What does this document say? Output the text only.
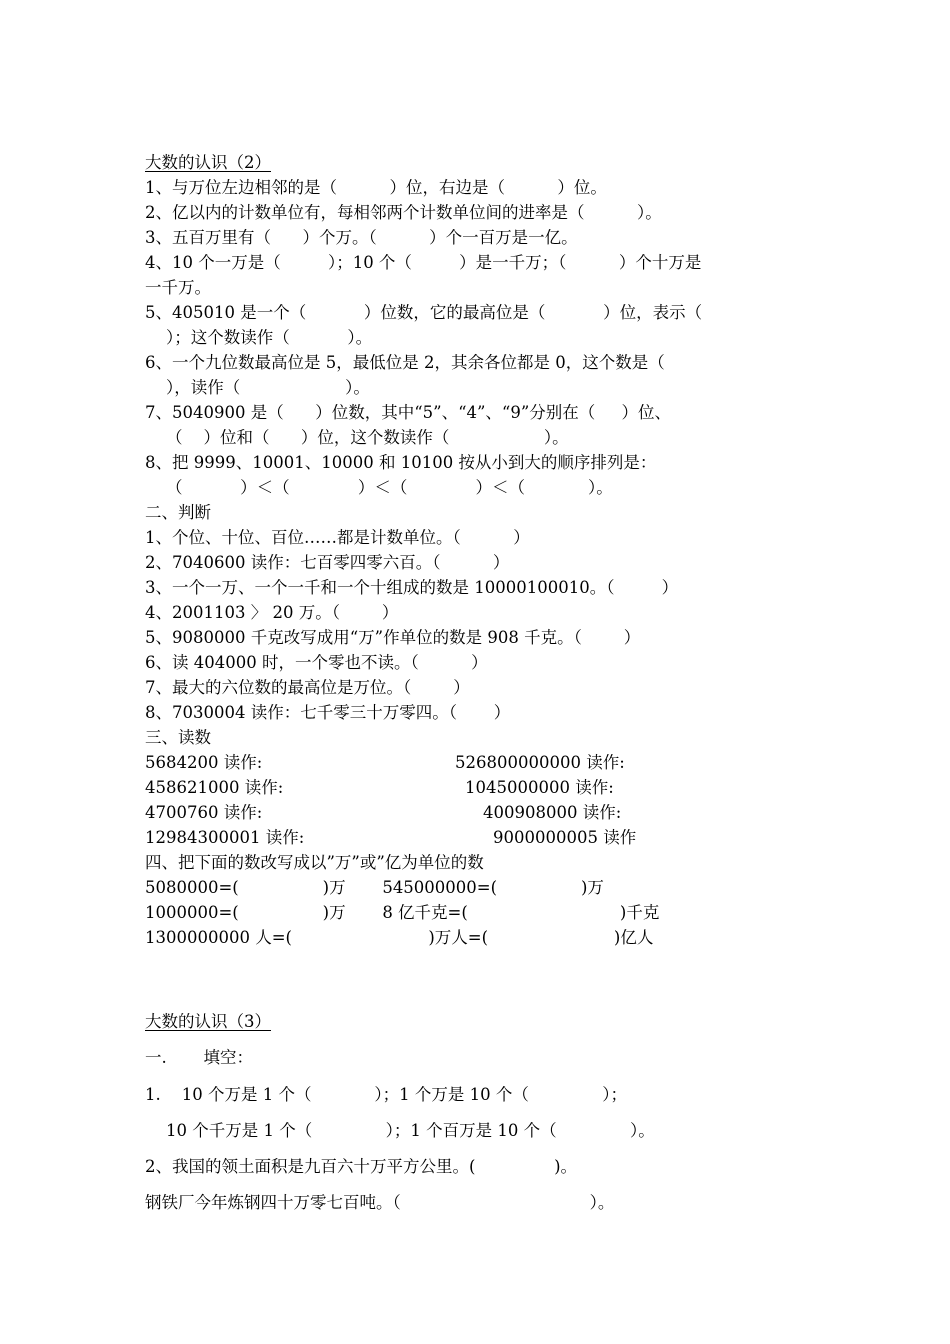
大数的认识（2）
1、与万位左边相邻的是（          ）位，右边是（          ）位。
2、亿以内的计数单位有，每相邻两个计数单位间的进率是（          ）。
3、五百万里有（      ）个万。（          ）个一百万是一亿。
4、10 个一万是（         ）；10 个（         ）是一千万；（          ）个十万是
一千万。
5、405010 是一个（           ）位数，它的最高位是（           ）位，表示（
）；这个数读作（           ）。
6、一个九位数最高位是 5，最低位是 2，其余各位都是 0，这个数是（
），读作（                    ）。
7、5040900 是（      ）位数，其中“5”、“4”、“9”分别在（     ）位、
（    ）位和（      ）位，这个数读作（                  ）。
8、把 9999、10001、10000 和 10100 按从小到大的顺序排列是：
（           ）＜（             ）＜（             ）＜（            ）。
二、判断
1、个位、十位、百位……都是计数单位。（          ）
2、7040600 读作：七百零四零六百。（          ）
3、一个一万、一个一千和一个十组成的数是 10000100010。（         ）
4、2001103 〉 20 万。（        ）
5、9080000 千克改写成用“万”作单位的数是 908 千克。（        ）
6、读 404000 时，一个零也不读。（          ）
7、最大的六位数的最高位是万位。（        ）
8、7030004 读作：七千零三十万零四。（       ）
三、读数
5684200 读作:	526800000000 读作:
458621000 读作:	1045000000 读作:
4700760 读作:	400908000 读作:
12984300001 读作:	9000000005 读作
四、把下面的数改写成以”万”或”亿为单位的数
5080000=(                )万       545000000=(                )万
1000000=(                )万       8 亿千克=(                             )千克
1300000000 人=(                          )万人=(                        )亿人
大数的认识（3）
一.       填空：
1.    10 个万是 1 个（            ）；1 个万是 10 个（              ）；
10 个千万是 1 个（              ）；1 个百万是 10 个（              ）。
2、我国的领土面积是九百六十万平方公里。(               )。
钢铁厂今年炼钢四十万零七百吨。（                                    ）。
